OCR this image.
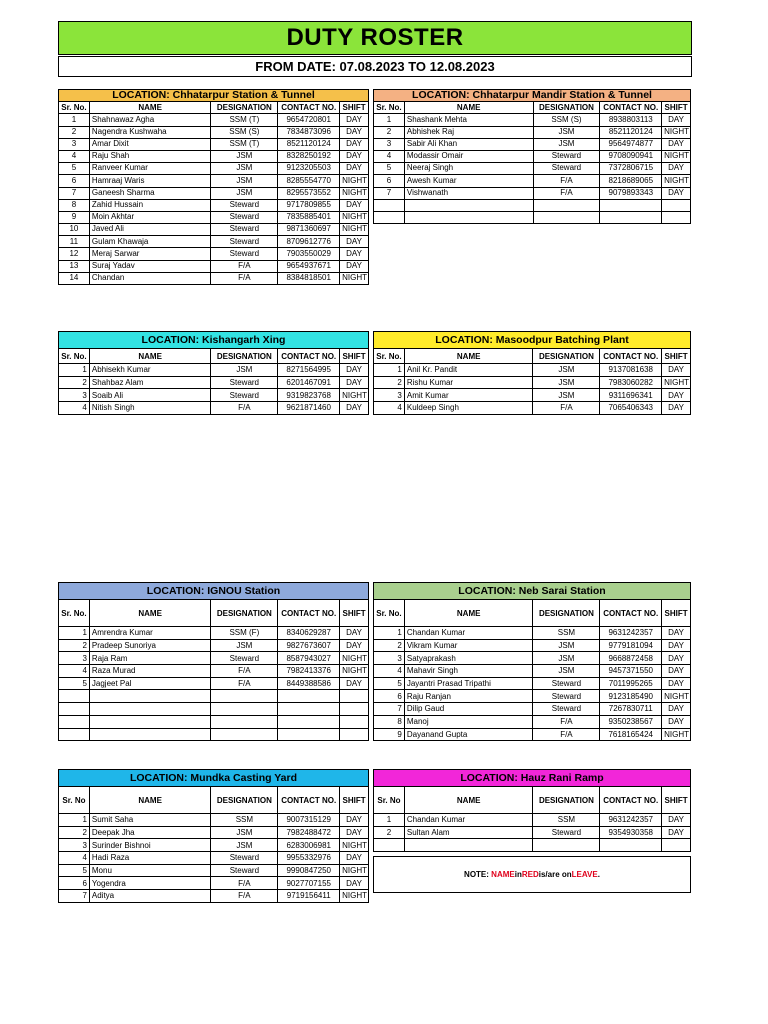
DUTY ROSTER
FROM DATE: 07.08.2023 TO 12.08.2023
LOCATION: Chhatarpur Station & Tunnel				
Sr. No.	NAME	DESIGNATION	CONTACT NO.	SHIFT
1	Shahnawaz Agha	SSM (T)	9654720801	DAY
2	Nagendra Kushwaha	SSM (S)	7834873096	DAY
3	Amar Dixit	SSM (T)	8521120124	DAY
4	Raju Shah	JSM	8328250192	DAY
5	Ranveer Kumar	JSM	9123205503	DAY
6	Hamraaj Waris	JSM	8285554770	NIGHT
7	Ganeesh Sharma	JSM	8295573552	NIGHT
8	Zahid Hussain	Steward	9717809855	DAY
9	Moin Akhtar	Steward	7835885401	NIGHT
10	Javed Ali	Steward	9871360697	NIGHT
11	Gulam Khawaja	Steward	8709612776	DAY
12	Meraj Sarwar	Steward	7903550029	DAY
13	Suraj Yadav	F/A	9654937671	DAY
14	Chandan	F/A	8384818501	NIGHT
LOCATION: Chhatarpur Mandir Station & Tunnel				
Sr. No.	NAME	DESIGNATION	CONTACT NO.	SHIFT
1	Shashank Mehta	SSM (S)	8938803113	DAY
2	Abhishek Raj	JSM	8521120124	NIGHT
3	Sabir Ali Khan	JSM	9564974877	DAY
4	Modassir Omair	Steward	9708090941	NIGHT
5	Neeraj Singh	Steward	7372806715	DAY
6	Awesh Kumar	F/A	8218689065	NIGHT
7	Vishwanath	F/A	9079893343	DAY

LOCATION: Kishangarh Xing				
Sr. No.	NAME	DESIGNATION	CONTACT NO.	SHIFT
1	Abhisekh Kumar	JSM	8271564995	DAY
2	Shahbaz Alam	Steward	6201467091	DAY
3	Soaib Ali	Steward	9319823768	NIGHT
4	Nitish Singh	F/A	9621871460	DAY
LOCATION: Masoodpur Batching Plant				
Sr. No.	NAME	DESIGNATION	CONTACT NO.	SHIFT
1	Anil Kr. Pandit	JSM	9137081638	DAY
2	Rishu Kumar	JSM	7983060282	NIGHT
3	Amit Kumar	JSM	9311696341	DAY
4	Kuldeep Singh	F/A	7065406343	DAY
LOCATION: IGNOU Station				
Sr. No.	NAME	DESIGNATION	CONTACT NO.	SHIFT
1	Amrendra Kumar	SSM (F)	8340629287	DAY
2	Pradeep Sunoriya	JSM	9827673607	DAY
3	Raja Ram	Steward	8587943027	NIGHT
4	Raza Murad	F/A	7982413376	NIGHT
5	Jagjeet Pal	F/A	8449388586	DAY

LOCATION: Neb Sarai Station				
Sr. No.	NAME	DESIGNATION	CONTACT NO.	SHIFT
1	Chandan Kumar	SSM	9631242357	DAY
2	Vikram Kumar	JSM	9779181094	DAY
3	Satyaprakash	JSM	9668872458	DAY
4	Mahavir Singh	JSM	9457371550	DAY
5	Jayantri Prasad Tripathi	Steward	7011995265	DAY
6	Raju Ranjan	Steward	9123185490	NIGHT
7	Dilip Gaud	Steward	7267830711	DAY
8	Manoj	F/A	9350238567	DAY
9	Dayanand Gupta	F/A	7618165424	NIGHT
LOCATION: Mundka Casting Yard				
Sr. No	NAME	DESIGNATION	CONTACT NO.	SHIFT
1	Sumit Saha	SSM	9007315129	DAY
2	Deepak Jha	JSM	7982488472	DAY
3	Surinder Bishnoi	JSM	6283006981	NIGHT
4	Hadi Raza	Steward	9955332976	DAY
5	Monu	Steward	9990847250	NIGHT
6	Yogendra	F/A	9027707155	DAY
7	Aditya	F/A	9719156411	NIGHT
LOCATION: Hauz Rani Ramp				
Sr. No	NAME	DESIGNATION	CONTACT NO.	SHIFT
1	Chandan Kumar	SSM	9631242357	DAY
2	Sultan Alam	Steward	9354930358	DAY

NOTE:
NAME in RED is/are on LEAVE .
